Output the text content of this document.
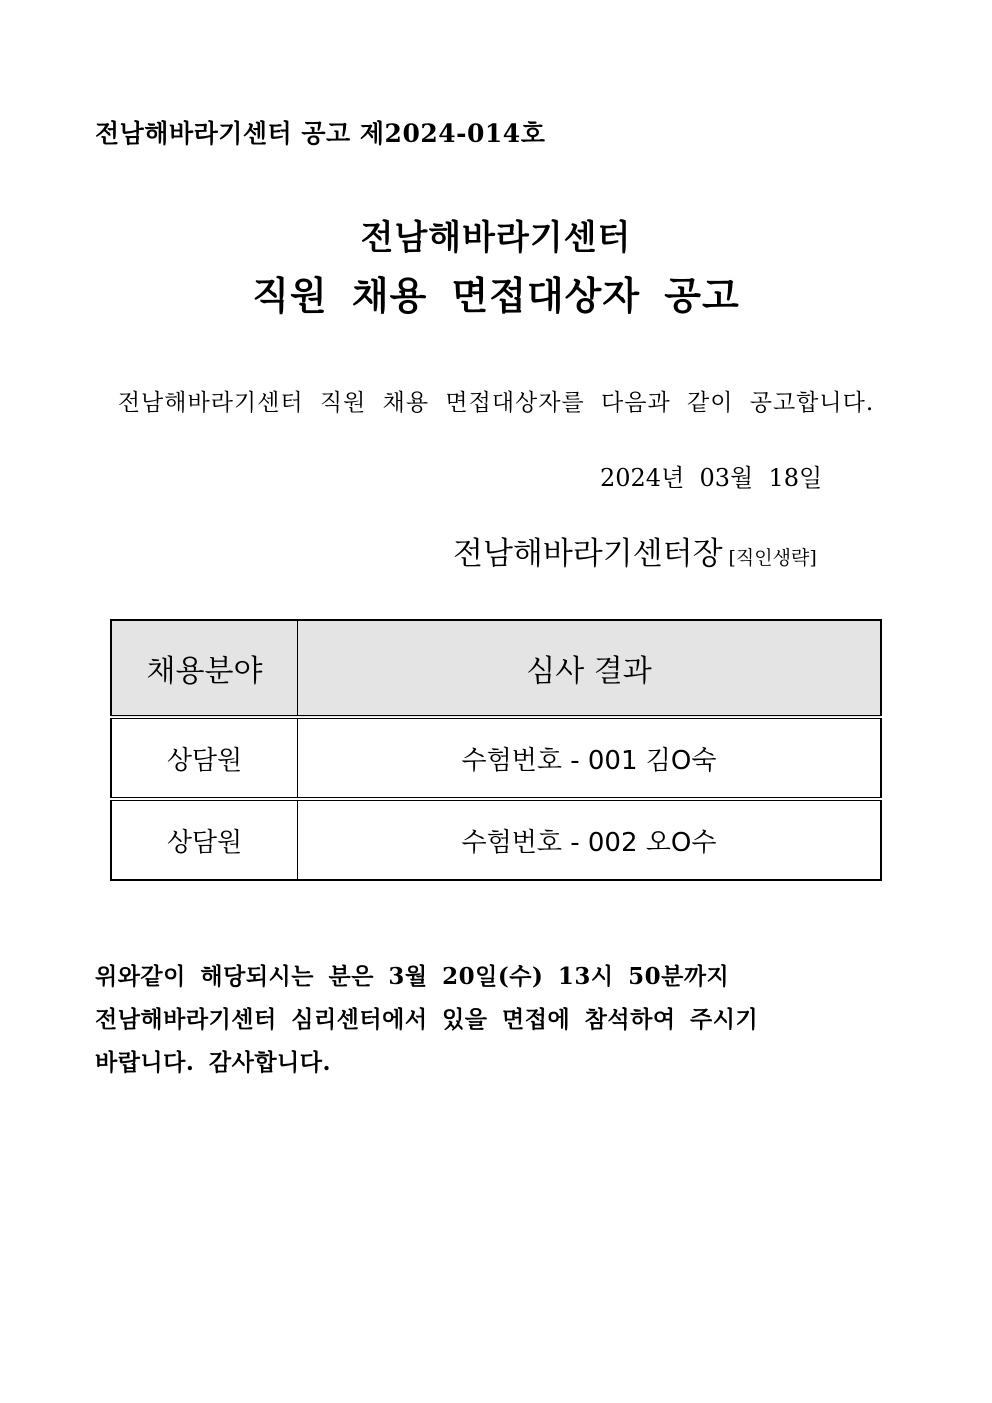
전남해바라기센터 공고 제2024-014호
전남해바라기센터
직원 채용 면접대상자 공고
전남해바라기센터 직원 채용 면접대상자를 다음과 같이 공고합니다.
2024년  03월  18일
전남해바라기센터장 [직인생략]
채용분야	심사 결과
상담원	수험번호 - 001 김O숙
상담원	수험번호 - 002 오O수
위와같이 해당되시는 분은 3월 20일(수) 13시 50분까지
전남해바라기센터 심리센터에서 있을 면접에 참석하여 주시기
바랍니다. 감사합니다.
